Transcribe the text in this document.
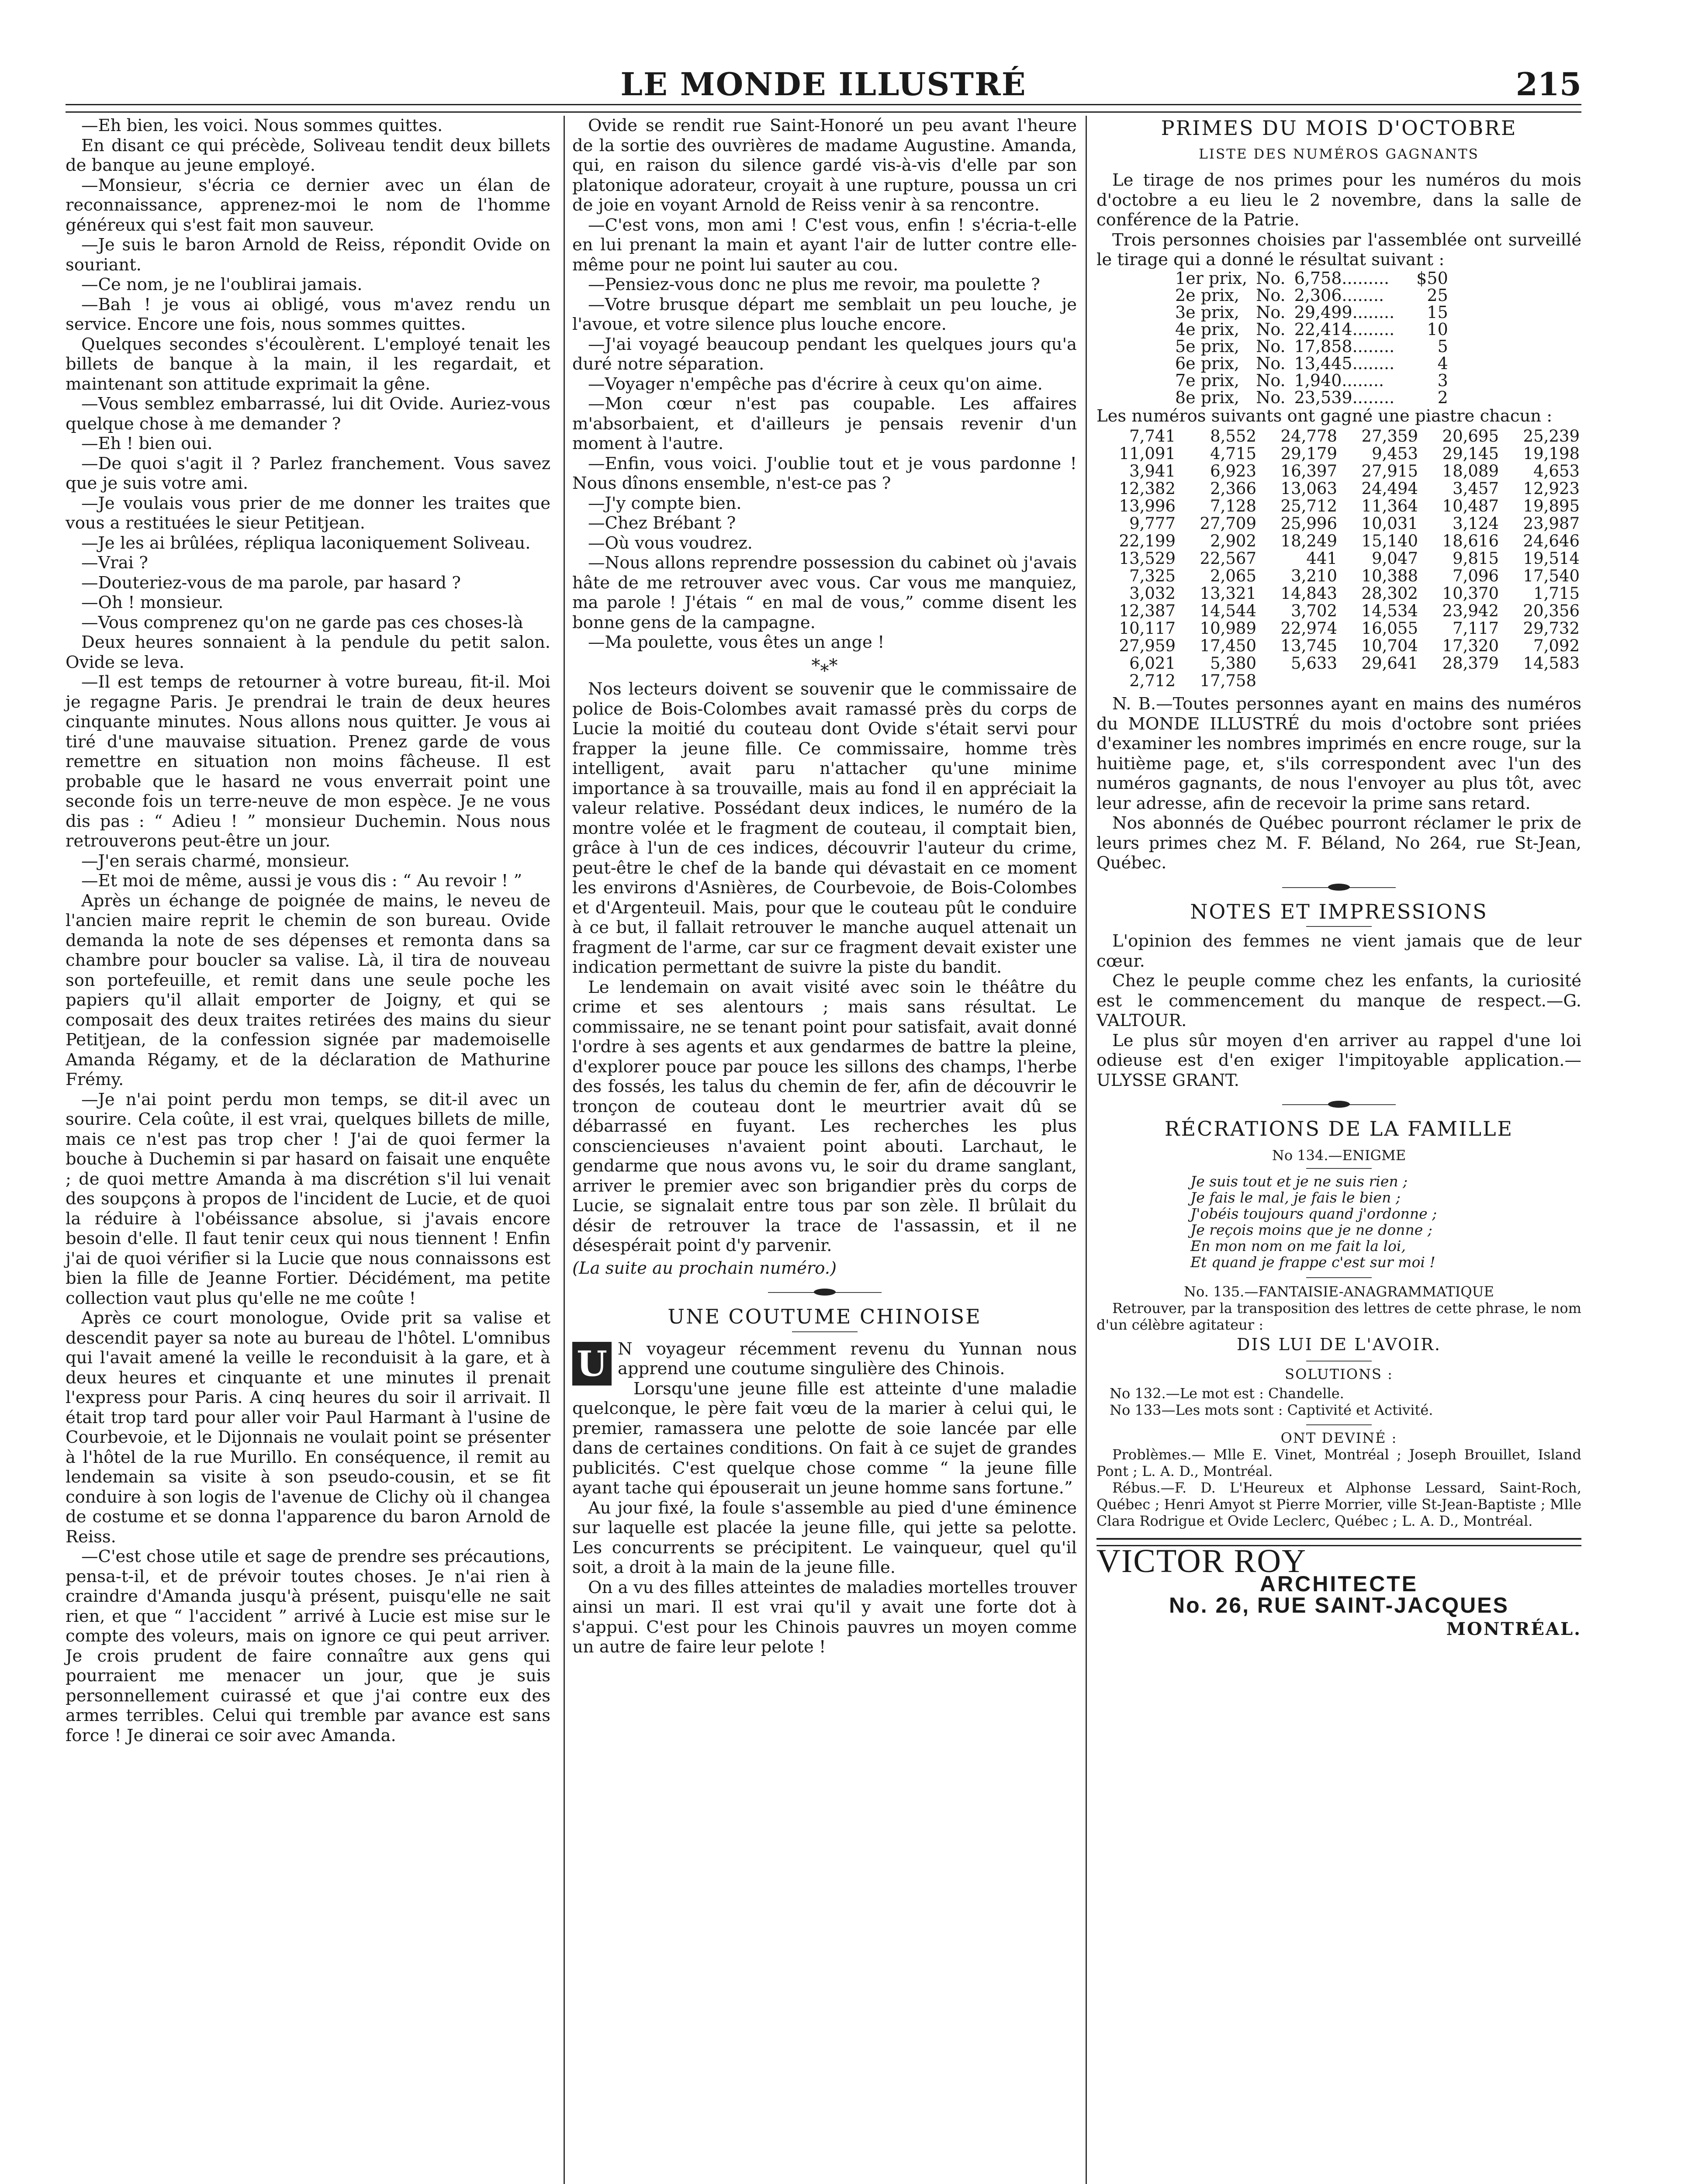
LE MONDE ILLUSTRÉ	215

—Eh bien, les voici. Nous sommes quittes.

En disant ce qui précède, Soliveau tendit deux billets de banque au jeune employé.

—Monsieur, s'écria ce dernier avec un élan de reconnaissance, apprenez-moi le nom de l'homme généreux qui s'est fait mon sauveur.

—Je suis le baron Arnold de Reiss, répondit Ovide on souriant.

—Ce nom, je ne l'oublirai jamais.

—Bah ! je vous ai obligé, vous m'avez rendu un service. Encore une fois, nous sommes quittes.

Quelques secondes s'écoulèrent. L'employé tenait les billets de banque à la main, il les regardait, et maintenant son attitude exprimait la gêne.

—Vous semblez embarrassé, lui dit Ovide. Auriez-vous quelque chose à me demander ?

—Eh ! bien oui.

—De quoi s'agit il ? Parlez franchement. Vous savez que je suis votre ami.

—Je voulais vous prier de me donner les traites que vous a restituées le sieur Petitjean.

—Je les ai brûlées, répliqua laconiquement Soliveau.

—Vrai ?

—Douteriez-vous de ma parole, par hasard ?

—Oh ! monsieur.

—Vous comprenez qu'on ne garde pas ces choses-là

Deux heures sonnaient à la pendule du petit salon. Ovide se leva.

—Il est temps de retourner à votre bureau, fit-il. Moi je regagne Paris. Je prendrai le train de deux heures cinquante minutes. Nous allons nous quitter. Je vous ai tiré d'une mauvaise situation. Prenez garde de vous remettre en situation non moins fâcheuse. Il est probable que le hasard ne vous enverrait point une seconde fois un terre-neuve de mon espèce. Je ne vous dis pas : “ Adieu ! ” monsieur Duchemin. Nous nous retrouverons peut-être un jour.

—J'en serais charmé, monsieur.

—Et moi de même, aussi je vous dis : “ Au revoir ! ”

Après un échange de poignée de mains, le neveu de l'ancien maire reprit le chemin de son bureau. Ovide demanda la note de ses dépenses et remonta dans sa chambre pour boucler sa valise. Là, il tira de nouveau son portefeuille, et remit dans une seule poche les papiers qu'il allait emporter de Joigny, et qui se composait des deux traites retirées des mains du sieur Petitjean, de la confession signée par mademoiselle Amanda Régamy, et de la déclaration de Mathurine Frémy.

—Je n'ai point perdu mon temps, se dit-il avec un sourire. Cela coûte, il est vrai, quelques billets de mille, mais ce n'est pas trop cher ! J'ai de quoi fermer la bouche à Duchemin si par hasard on faisait une enquête ; de quoi mettre Amanda à ma discrétion s'il lui venait des soupçons à propos de l'incident de Lucie, et de quoi la réduire à l'obéissance absolue, si j'avais encore besoin d'elle. Il faut tenir ceux qui nous tiennent ! Enfin j'ai de quoi vérifier si la Lucie que nous connaissons est bien la fille de Jeanne Fortier. Décidément, ma petite collection vaut plus qu'elle ne me coûte !

Après ce court monologue, Ovide prit sa valise et descendit payer sa note au bureau de l'hôtel. L'omnibus qui l'avait amené la veille le reconduisit à la gare, et à deux heures et cinquante et une minutes il prenait l'express pour Paris. A cinq heures du soir il arrivait. Il était trop tard pour aller voir Paul Harmant à l'usine de Courbevoie, et le Dijonnais ne voulait point se présenter à l'hôtel de la rue Murillo. En conséquence, il remit au lendemain sa visite à son pseudo-cousin, et se fit conduire à son logis de l'avenue de Clichy où il changea de costume et se donna l'apparence du baron Arnold de Reiss.

—C'est chose utile et sage de prendre ses précautions, pensa-t-il, et de prévoir toutes choses. Je n'ai rien à craindre d'Amanda jusqu'à présent, puisqu'elle ne sait rien, et que “ l'accident ” arrivé à Lucie est mise sur le compte des voleurs, mais on ignore ce qui peut arriver. Je crois prudent de faire connaître aux gens qui pourraient me menacer un jour, que je suis personnellement cuirassé et que j'ai contre eux des armes terribles. Celui qui tremble par avance est sans force ! Je dinerai ce soir avec Amanda.

Ovide se rendit rue Saint-Honoré un peu avant l'heure de la sortie des ouvrières de madame Augustine. Amanda, qui, en raison du silence gardé vis-à-vis d'elle par son platonique adorateur, croyait à une rupture, poussa un cri de joie en voyant Arnold de Reiss venir à sa rencontre.

—C'est vons, mon ami ! C'est vous, enfin ! s'écria-t-elle en lui prenant la main et ayant l'air de lutter contre elle-même pour ne point lui sauter au cou.

—Pensiez-vous donc ne plus me revoir, ma poulette ?

—Votre brusque départ me semblait un peu louche, je l'avoue, et votre silence plus louche encore.

—J'ai voyagé beaucoup pendant les quelques jours qu'a duré notre séparation.

—Voyager n'empêche pas d'écrire à ceux qu'on aime.

—Mon cœur n'est pas coupable. Les affaires m'absorbaient, et d'ailleurs je pensais revenir d'un moment à l'autre.

—Enfin, vous voici. J'oublie tout et je vous pardonne ! Nous dînons ensemble, n'est-ce pas ?

—J'y compte bien.

—Chez Brébant ?

—Où vous voudrez.

—Nous allons reprendre possession du cabinet où j'avais hâte de me retrouver avec vous. Car vous me manquiez, ma parole ! J'étais “ en mal de vous,” comme disent les bonne gens de la campagne.

—Ma poulette, vous êtes un ange !

*⁎*

Nos lecteurs doivent se souvenir que le commissaire de police de Bois-Colombes avait ramassé près du corps de Lucie la moitié du couteau dont Ovide s'était servi pour frapper la jeune fille. Ce commissaire, homme très intelligent, avait paru n'attacher qu'une minime importance à sa trouvaille, mais au fond il en appréciait la valeur relative. Possédant deux indices, le numéro de la montre volée et le fragment de couteau, il comptait bien, grâce à l'un de ces indices, découvrir l'auteur du crime, peut-être le chef de la bande qui dévastait en ce moment les environs d'Asnières, de Courbevoie, de Bois-Colombes et d'Argenteuil. Mais, pour que le couteau pût le conduire à ce but, il fallait retrouver le manche auquel attenait un fragment de l'arme, car sur ce fragment devait exister une indication permettant de suivre la piste du bandit.

Le lendemain on avait visité avec soin le théâtre du crime et ses alentours ; mais sans résultat. Le commissaire, ne se tenant point pour satisfait, avait donné l'ordre à ses agents et aux gendarmes de battre la pleine, d'explorer pouce par pouce les sillons des champs, l'herbe des fossés, les talus du chemin de fer, afin de découvrir le tronçon de couteau dont le meurtrier avait dû se débarrassé en fuyant. Les recherches les plus consciencieuses n'avaient point abouti. Larchaut, le gendarme que nous avons vu, le soir du drame sanglant, arriver le premier avec son brigandier près du corps de Lucie, se signalait entre tous par son zèle. Il brûlait du désir de retrouver la trace de l'assassin, et il ne désespérait point d'y parvenir.

(La suite au prochain numéro.)

UNE COUTUME CHINOISE

U N voyageur récemment revenu du Yunnan nous apprend une coutume singulière des Chinois.

Lorsqu'une jeune fille est atteinte d'une maladie quelconque, le père fait vœu de la marier à celui qui, le premier, ramassera une pelotte de soie lancée par elle dans de certaines conditions. On fait à ce sujet de grandes publicités. C'est quelque chose comme “ la jeune fille ayant tache qui épouserait un jeune homme sans fortune.”

Au jour fixé, la foule s'assemble au pied d'une éminence sur laquelle est placée la jeune fille, qui jette sa pelotte. Les concurrents se précipitent. Le vainqueur, quel qu'il soit, a droit à la main de la jeune fille.

On a vu des filles atteintes de maladies mortelles trouver ainsi un mari. Il est vrai qu'il y avait une forte dot à s'appui. C'est pour les Chinois pauvres un moyen comme un autre de faire leur pelote !

PRIMES DU MOIS D'OCTOBRE
LISTE DES NUMÉROS GAGNANTS

Le tirage de nos primes pour les numéros du mois d'octobre a eu lieu le 2 novembre, dans la salle de conférence de la Patrie.

Trois personnes choisies par l'assemblée ont surveillé le tirage qui a donné le résultat suivant :

1er prix,	No.	6,758.........	$50
2e prix,	No.	2,306........	25
3e prix,	No.	29,499........	15
4e prix,	No.	22,414........	10
5e prix,	No.	17,858........	5
6e prix,	No.	13,445........	4
7e prix,	No.	1,940........	3
8e prix,	No.	23,539........	2

Les numéros suivants ont gagné une piastre chacun :

7,741	8,552	24,778	27,359	20,695	25,239
11,091	4,715	29,179	9,453	29,145	19,198
3,941	6,923	16,397	27,915	18,089	4,653
12,382	2,366	13,063	24,494	3,457	12,923
13,996	7,128	25,712	11,364	10,487	19,895
9,777	27,709	25,996	10,031	3,124	23,987
22,199	2,902	18,249	15,140	18,616	24,646
13,529	22,567	441	9,047	9,815	19,514
7,325	2,065	3,210	10,388	7,096	17,540
3,032	13,321	14,843	28,302	10,370	1,715
12,387	14,544	3,702	14,534	23,942	20,356
10,117	10,989	22,974	16,055	7,117	29,732
27,959	17,450	13,745	10,704	17,320	7,092
6,021	5,380	5,633	29,641	28,379	14,583
2,712	17,758				

N. B.—Toutes personnes ayant en mains des numéros du MONDE ILLUSTRÉ du mois d'octobre sont priées d'examiner les nombres imprimés en encre rouge, sur la huitième page, et, s'ils correspondent avec l'un des numéros gagnants, de nous l'envoyer au plus tôt, avec leur adresse, afin de recevoir la prime sans retard.

Nos abonnés de Québec pourront réclamer le prix de leurs primes chez M. F. Béland, No 264, rue St-Jean, Québec.

NOTES ET IMPRESSIONS

L'opinion des femmes ne vient jamais que de leur cœur.

Chez le peuple comme chez les enfants, la curiosité est le commencement du manque de respect.—G. VALTOUR.

Le plus sûr moyen d'en arriver au rappel d'une loi odieuse est d'en exiger l'impitoyable application.—ULYSSE GRANT.

RÉCRATIONS DE LA FAMILLE
No 134.—ENIGME
Je suis tout et je ne suis rien ;
Je fais le mal, je fais le bien ;
J'obéis toujours quand j'ordonne ;
Je reçois moins que je ne donne ;
En mon nom on me fait la loi,
Et quand je frappe c'est sur moi !
No. 135.—FANTAISIE-ANAGRAMMATIQUE

Retrouver, par la transposition des lettres de cette phrase, le nom d'un célèbre agitateur :

DIS LUI DE L'AVOIR.
SOLUTIONS :
No 132.—Le mot est : Chandelle.
No 133—Les mots sont : Captivité et Activité.
ONT DEVINÉ :

Problèmes.— Mlle E. Vinet, Montréal ; Joseph Brouillet, Island Pont ; L. A. D., Montréal.

Rébus.—F. D. L'Heureux et Alphonse Lessard, Saint-Roch, Québec ; Henri Amyot st Pierre Morrier, ville St-Jean-Baptiste ; Mlle Clara Rodrigue et Ovide Leclerc, Québec ; L. A. D., Montréal.

VICTOR ROY
ARCHITECTE
No. 26, RUE SAINT-JACQUES
MONTRÉAL.
